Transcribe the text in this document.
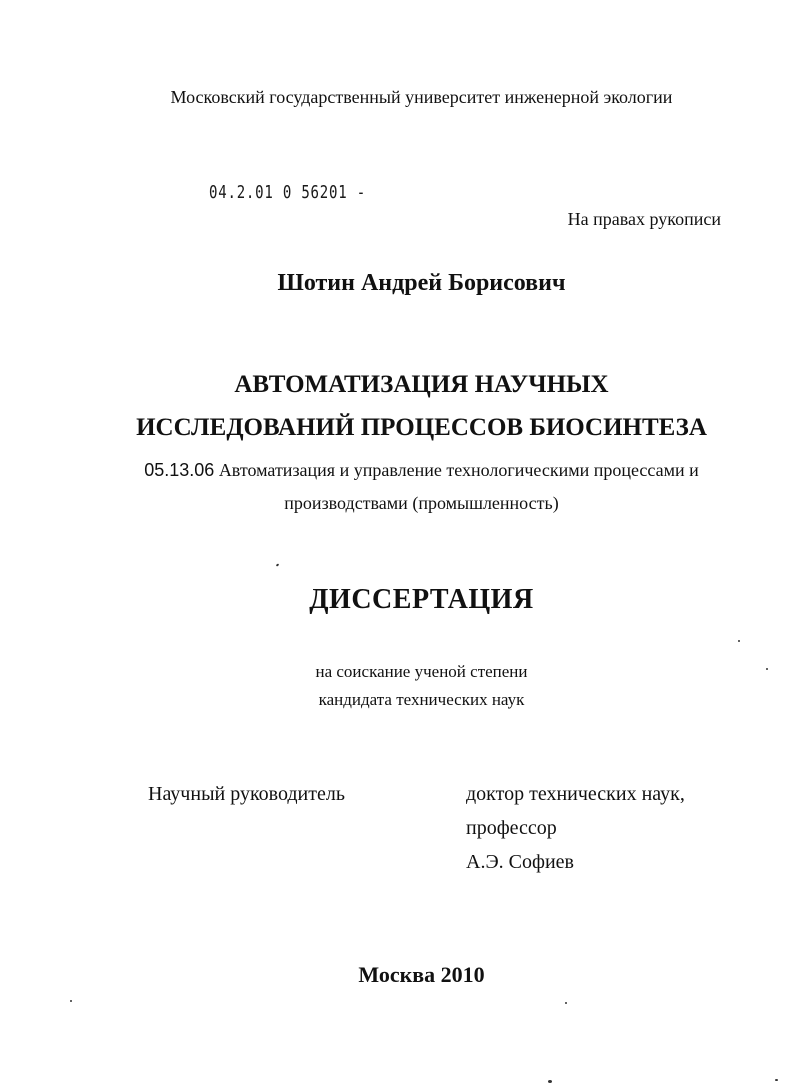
Московский государственный университет инженерной экологии
04.2.01 0 56201 -
На правах рукописи
Шотин Андрей Борисович
АВТОМАТИЗАЦИЯ НАУЧНЫХ
ИССЛЕДОВАНИЙ ПРОЦЕССОВ БИОСИНТЕЗА
05.13.06 Автоматизация и управление технологическими процессами и
производствами (промышленность)
ДИССЕРТАЦИЯ
на соискание ученой степени
кандидата технических наук
Научный руководитель	доктор технических наук,
профессор
А.Э. Софиев
Москва 2010
